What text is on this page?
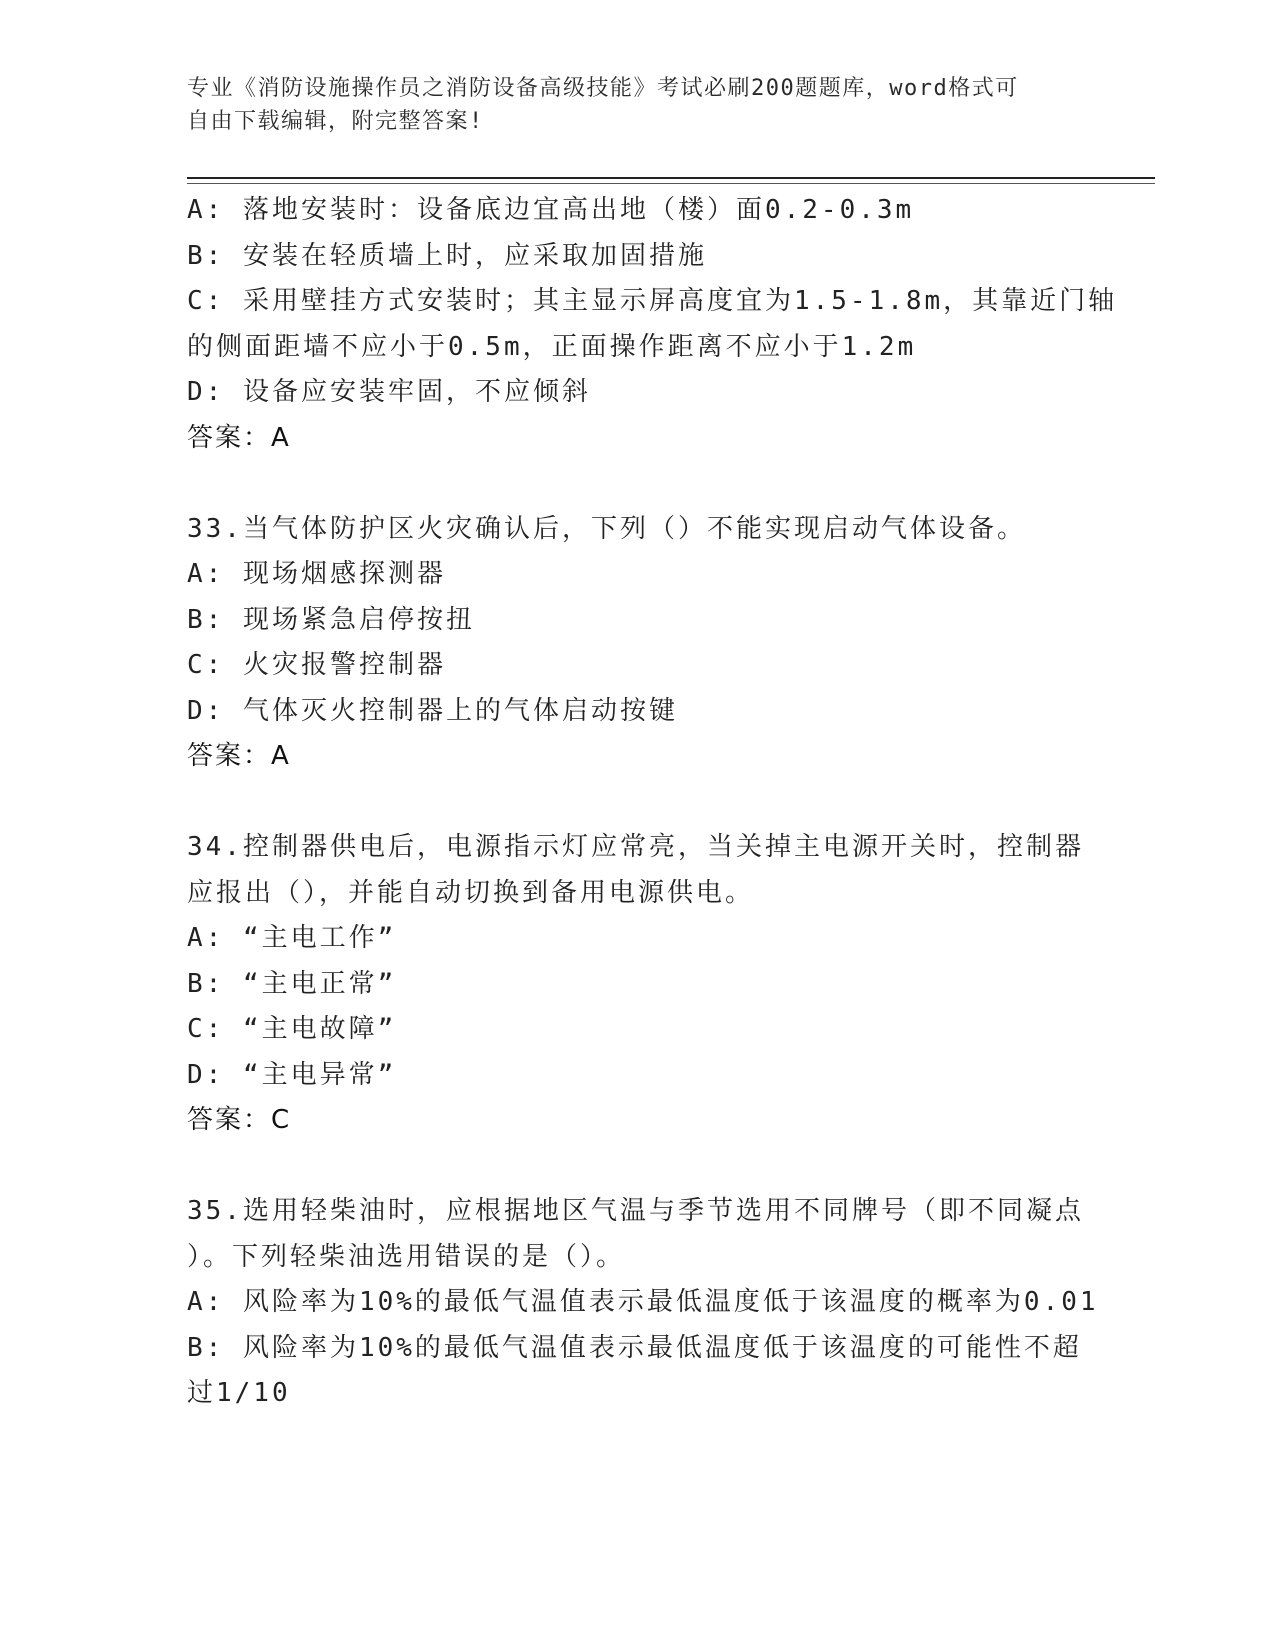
专业《消防设施操作员之消防设备高级技能》考试必刷200题题库，word格式可
自由下载编辑，附完整答案!
A: 落地安装时：设备底边宜高出地（楼）面0.2-0.3m
B: 安装在轻质墙上时，应采取加固措施
C: 采用壁挂方式安装时；其主显示屏高度宜为1.5-1.8m，其靠近门轴
的侧面距墙不应小于0.5m，正面操作距离不应小于1.2m
D: 设备应安装牢固，不应倾斜
答案：A
33.当气体防护区火灾确认后，下列（）不能实现启动气体设备。
A: 现场烟感探测器
B: 现场紧急启停按扭
C: 火灾报警控制器
D: 气体灭火控制器上的气体启动按键
答案：A
34.控制器供电后，电源指示灯应常亮，当关掉主电源开关时，控制器
应报出（），并能自动切换到备用电源供电。
A: “主电工作”
B: “主电正常”
C: “主电故障”
D: “主电异常”
答案：C
35.选用轻柴油时，应根据地区气温与季节选用不同牌号（即不同凝点
）。下列轻柴油选用错误的是（）。
A: 风险率为10%的最低气温值表示最低温度低于该温度的概率为0.01
B: 风险率为10%的最低气温值表示最低温度低于该温度的可能性不超
过1/10
